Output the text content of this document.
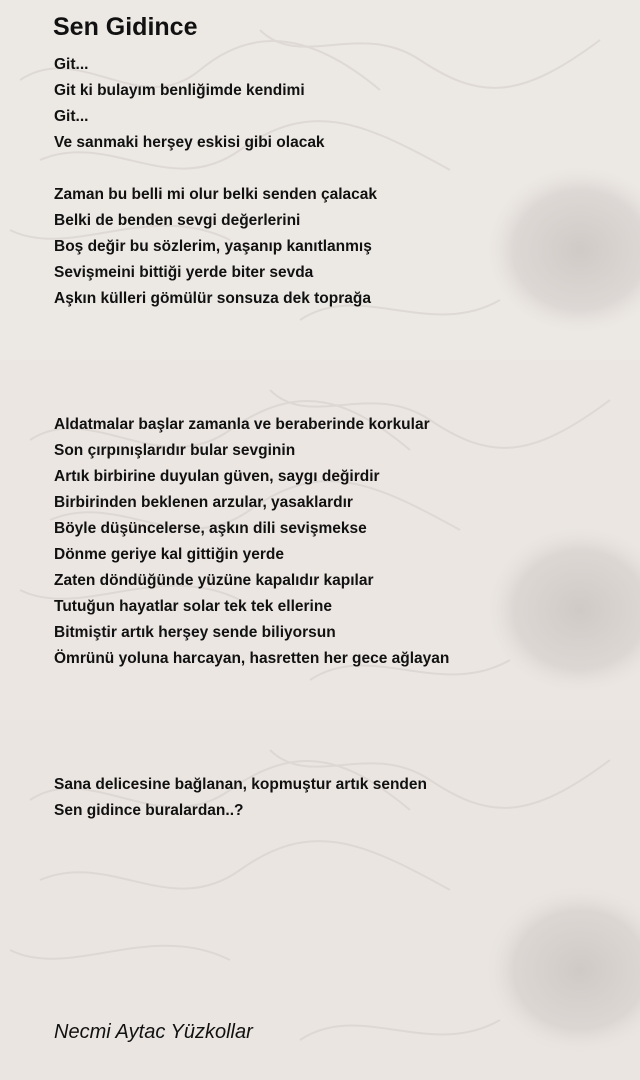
Sen Gidince
Git...
Git ki bulayım benliğimde kendimi
Git...
Ve sanmaki herşey eskisi gibi olacak
Zaman bu belli mi olur belki senden çalacak
Belki de benden sevgi değerlerini
Boş değir bu sözlerim, yaşanıp kanıtlanmış
Sevişmeini bittiği yerde biter sevda
Aşkın külleri gömülür sonsuza dek toprağa
Aldatmalar başlar zamanla ve beraberinde korkular
Son çırpınışlarıdır bular sevginin
Artık birbirine duyulan güven, saygı değirdir
Birbirinden beklenen arzular, yasaklardır
Böyle düşüncelerse, aşkın dili sevişmekse
Dönme geriye kal gittiğin yerde
Zaten döndüğünde yüzüne kapalıdır kapılar
Tutuğun hayatlar solar tek tek ellerine
Bitmiştir artık herşey sende biliyorsun
Ömrünü yoluna harcayan, hasretten her gece ağlayan
Sana delicesine bağlanan, kopmuştur artık senden
Sen gidince buralardan..?
Necmi Aytac Yüzkollar
